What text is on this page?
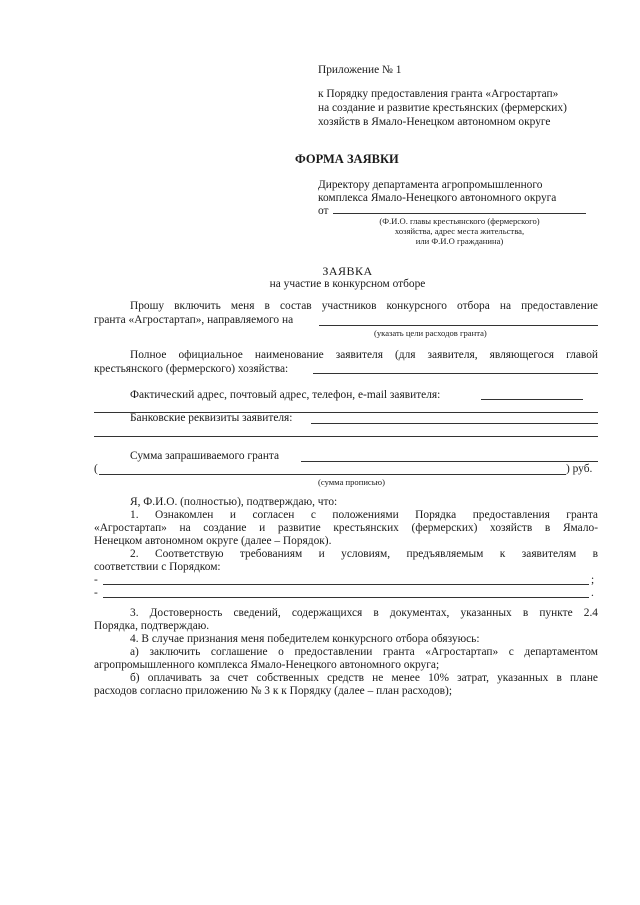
Приложение № 1
к Порядку предоставления гранта «Агростартап»
на создание и развитие крестьянских (фермерских)
хозяйств в Ямало-Ненецком автономном округе
ФОРМА ЗАЯВКИ
Директору департамента агропромышленного
комплекса Ямало-Ненецкого автономного округа
от
(Ф.И.О. главы крестьянского (фермерского)
хозяйства, адрес места жительства,
или Ф.И.О гражданина)
ЗАЯВКА
на участие в конкурсном отборе
Прошу включить меня в состав участников конкурсного отбора на предоставление
гранта «Агростартап», направляемого на
(указать цели расходов гранта)
Полное официальное наименование заявителя (для заявителя, являющегося главой
крестьянского (фермерского) хозяйства:
Фактический адрес, почтовый адрес, телефон, e-mail заявителя:
Банковские реквизиты заявителя:
Сумма запрашиваемого гранта
(	) руб.
(сумма прописью)
Я, Ф.И.О. (полностью), подтверждаю, что:
1. Ознакомлен и согласен с положениями Порядка предоставления гранта
«Агростартап» на создание и развитие крестьянских (фермерских) хозяйств в Ямало-
Ненецком автономном округе (далее – Порядок).
2. Соответствую требованиям и условиям, предъявляемым к заявителям в
соответствии с Порядком:
-	;
-	.
3. Достоверность сведений, содержащихся в документах, указанных в пункте 2.4
Порядка, подтверждаю.
4. В случае признания меня победителем конкурсного отбора обязуюсь:
а) заключить соглашение о предоставлении гранта «Агростартап» с департаментом
агропромышленного комплекса Ямало-Ненецкого автономного округа;
б) оплачивать за счет собственных средств не менее 10% затрат, указанных в плане
расходов согласно приложению № 3 к к Порядку (далее – план расходов);
